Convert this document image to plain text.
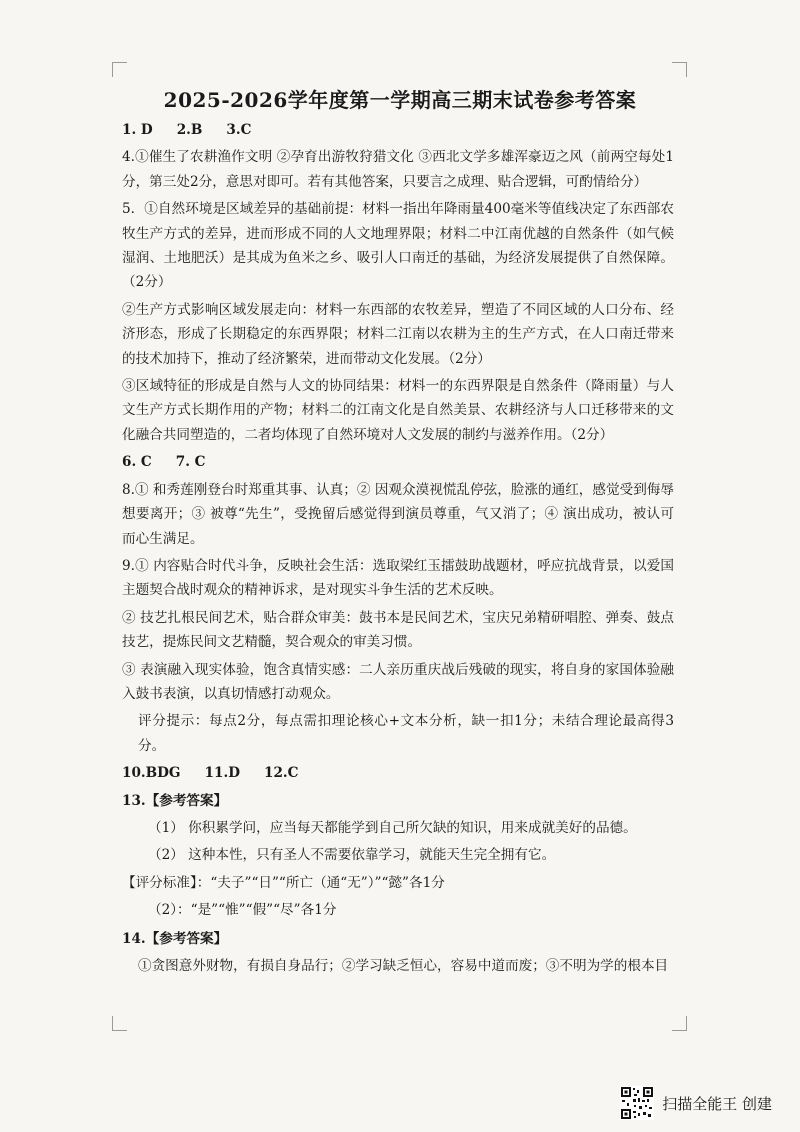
2025-2026学年度第一学期高三期末试卷参考答案

1. D 2.B 3.C

4.①催生了农耕渔作文明 ②孕育出游牧狩猎文化 ③西北文学多雄浑豪迈之风（前两空每处1分，第三处2分，意思对即可。若有其他答案，只要言之成理、贴合逻辑，可酌情给分）

5．①自然环境是区域差异的基础前提：材料一指出年降雨量400毫米等值线决定了东西部农牧生产方式的差异，进而形成不同的人文地理界限；材料二中江南优越的自然条件（如气候湿润、土地肥沃）是其成为鱼米之乡、吸引人口南迁的基础，为经济发展提供了自然保障。（2分）

②生产方式影响区域发展走向：材料一东西部的农牧差异，塑造了不同区域的人口分布、经济形态，形成了长期稳定的东西界限；材料二江南以农耕为主的生产方式，在人口南迁带来的技术加持下，推动了经济繁荣，进而带动文化发展。（2分）

③区域特征的形成是自然与人文的协同结果：材料一的东西界限是自然条件（降雨量）与人文生产方式长期作用的产物；材料二的江南文化是自然美景、农耕经济与人口迁移带来的文化融合共同塑造的，二者均体现了自然环境对人文发展的制约与滋养作用。（2分）

6. C 7. C

8.① 和秀莲刚登台时郑重其事、认真；② 因观众漠视慌乱停弦，脸涨的通红，感觉受到侮辱想要离开；③ 被尊“先生”，受挽留后感觉得到演员尊重，气又消了；④ 演出成功，被认可而心生满足。

9.① 内容贴合时代斗争，反映社会生活：选取梁红玉擂鼓助战题材，呼应抗战背景，以爱国主题契合战时观众的精神诉求，是对现实斗争生活的艺术反映。

② 技艺扎根民间艺术，贴合群众审美：鼓书本是民间艺术，宝庆兄弟精研唱腔、弹奏、鼓点技艺，提炼民间文艺精髓，契合观众的审美习惯。

③ 表演融入现实体验，饱含真情实感：二人亲历重庆战后残破的现实，将自身的家国体验融入鼓书表演，以真切情感打动观众。

评分提示：每点2分，每点需扣理论核心+文本分析，缺一扣1分；未结合理论最高得3分。

10.BDG 11.D 12.C

13.【参考答案】

（1） 你积累学问，应当每天都能学到自己所欠缺的知识，用来成就美好的品德。

（2） 这种本性，只有圣人不需要依靠学习，就能天生完全拥有它。

【评分标准】：“夫子”“日”“所亡（通“无”）”“懿”各1分

（2）：“是”“惟”“假”“尽”各1分

14.【参考答案】

①贪图意外财物，有损自身品行；②学习缺乏恒心，容易中道而废；③不明为学的根本目

扫描全能王 创建
